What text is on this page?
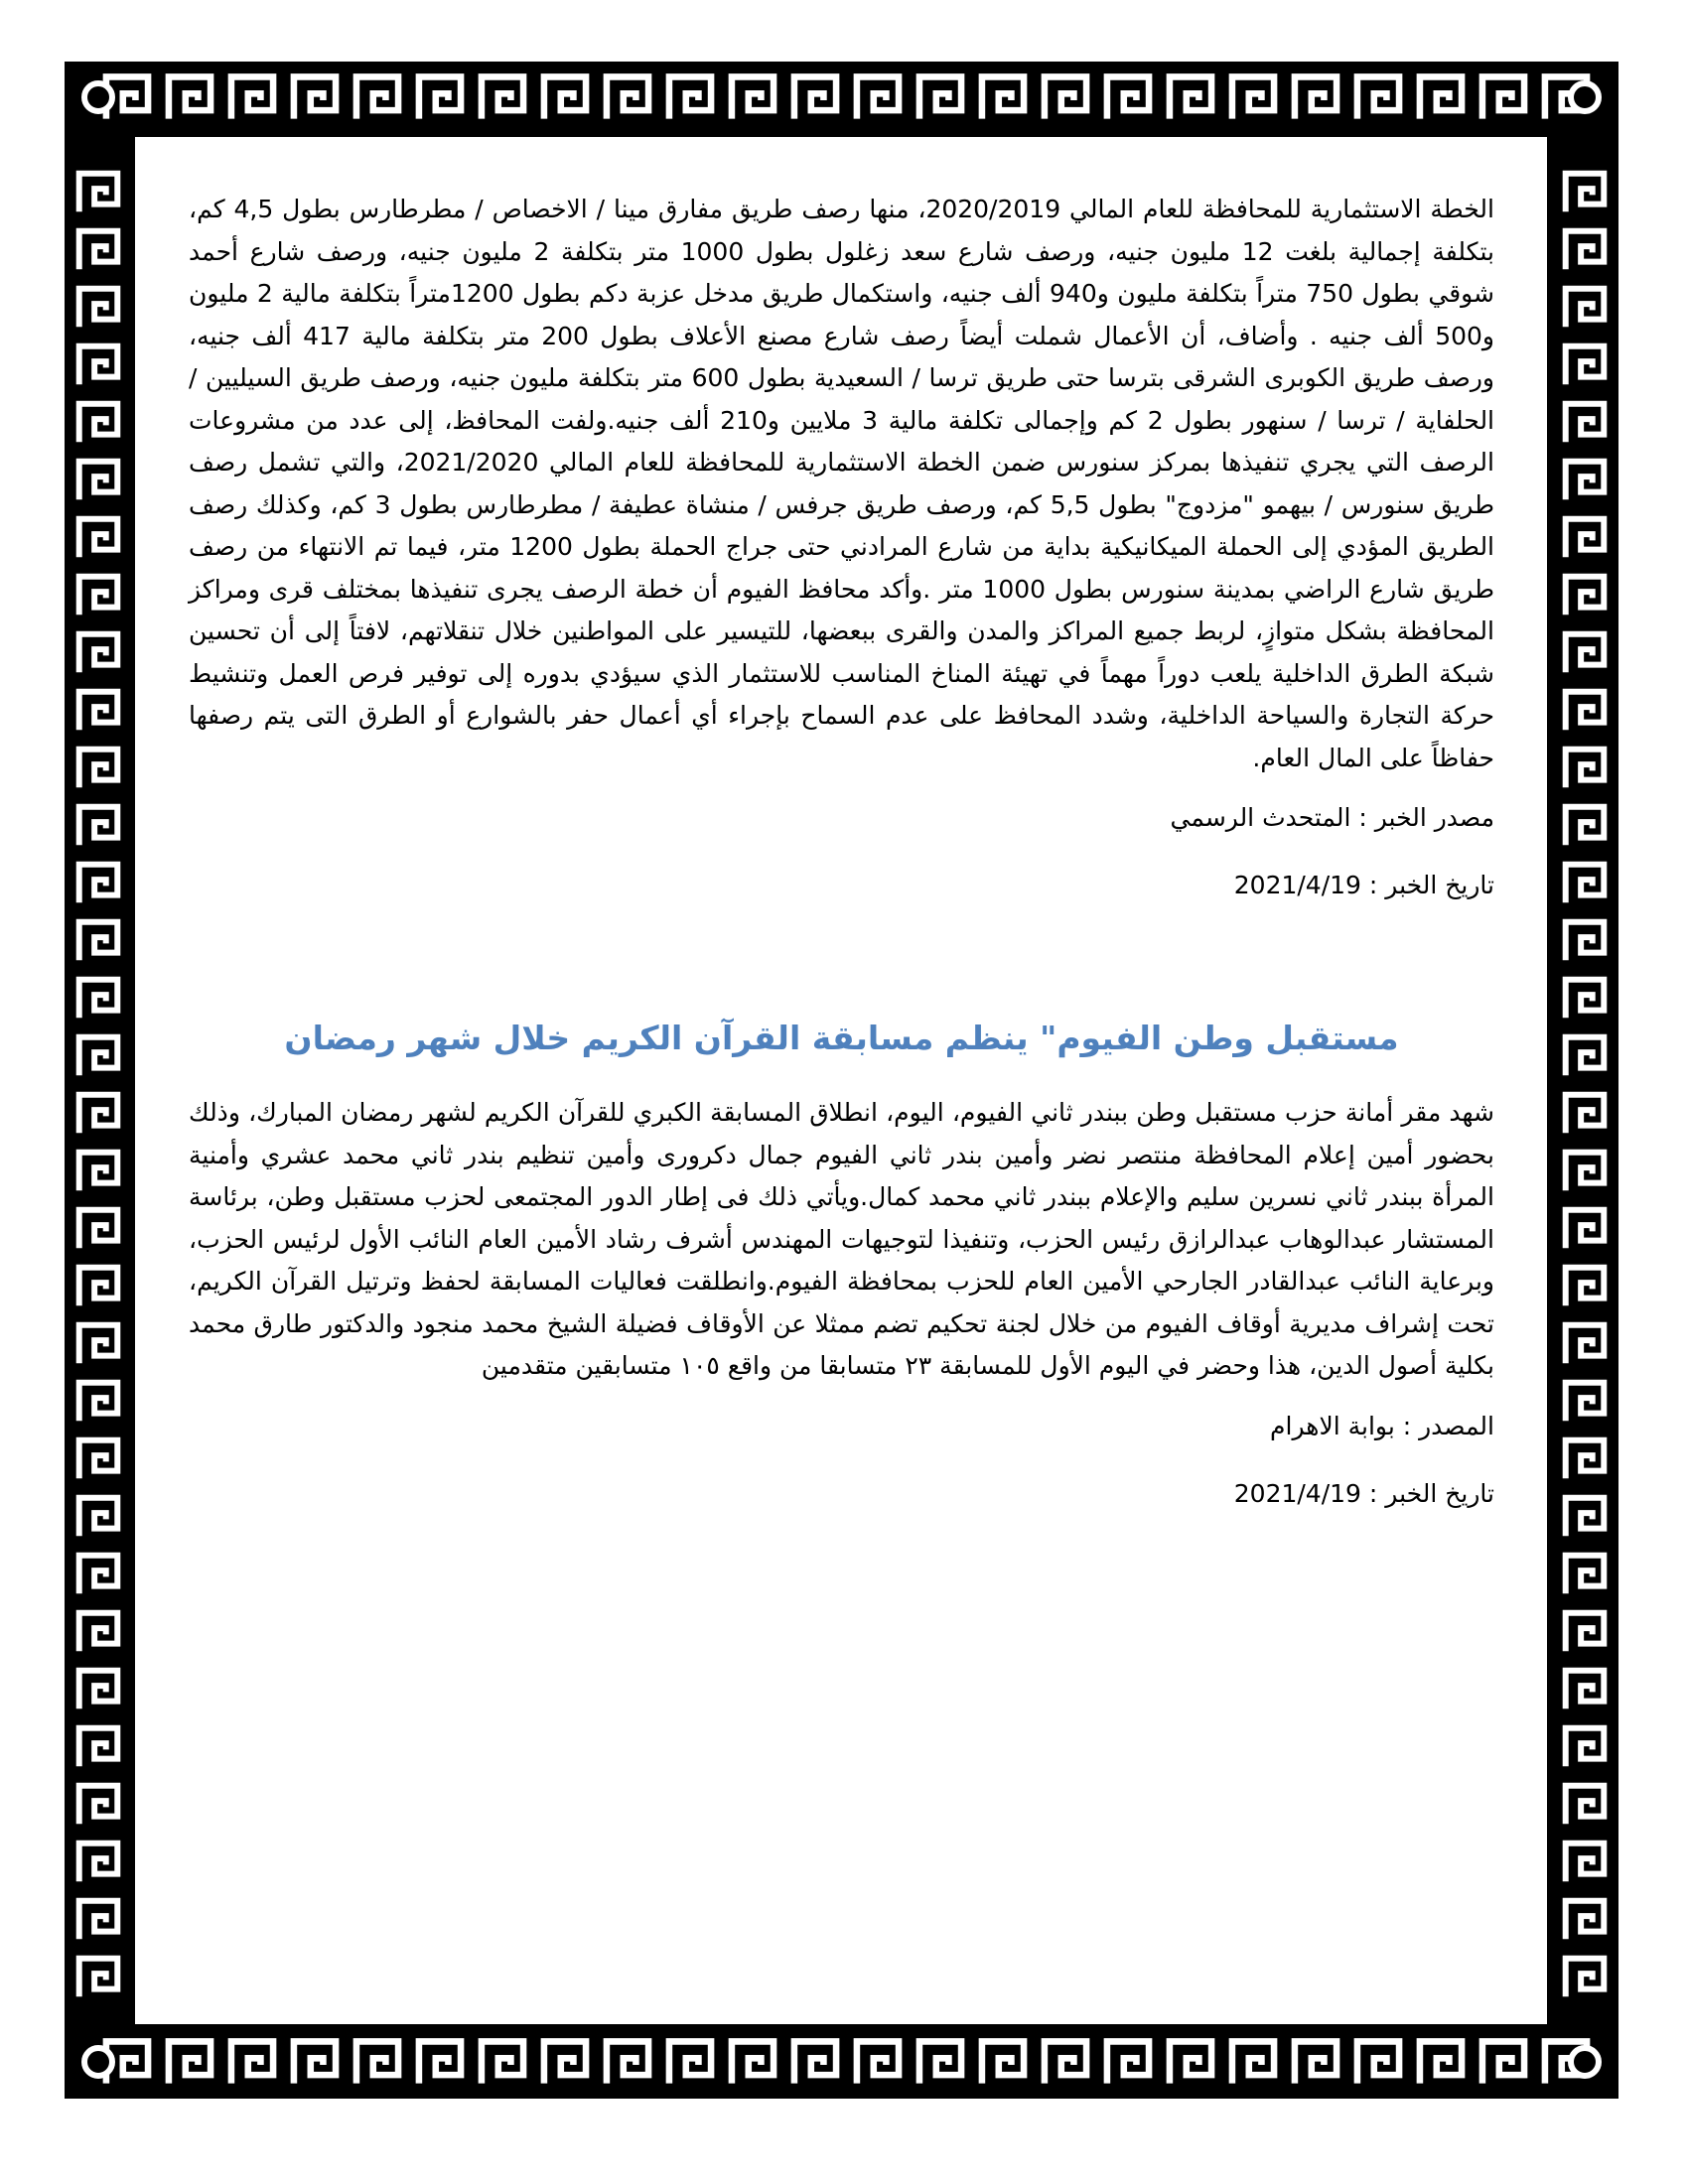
الخطة الاستثمارية للمحافظة للعام المالي 2020/2019، منها رصف طريق مفارق مينا / الاخصاص / مطرطارس بطول 4,5 كم، بتكلفة إجمالية بلغت 12 مليون جنيه، ورصف شارع سعد زغلول بطول 1000 متر بتكلفة 2 مليون جنيه، ورصف شارع أحمد شوقي بطول 750 متراً بتكلفة مليون و940 ألف جنيه، واستكمال طريق مدخل عزبة دكم بطول 1200متراً بتكلفة مالية 2 مليون و500 ألف جنيه . وأضاف، أن الأعمال شملت أيضاً رصف شارع مصنع الأعلاف بطول 200 متر بتكلفة مالية 417 ألف جنيه، ورصف طريق الكوبرى الشرقى بترسا حتى طريق ترسا / السعيدية بطول 600 متر بتكلفة مليون جنيه، ورصف طريق السيليين / الحلفاية / ترسا / سنهور بطول 2 كم وإجمالى تكلفة مالية 3 ملايين و210 ألف جنيه.ولفت المحافظ، إلى عدد من مشروعات الرصف التي يجري تنفيذها بمركز سنورس ضمن الخطة الاستثمارية للمحافظة للعام المالي 2021/2020، والتي تشمل رصف طريق سنورس / بيهمو "مزدوج" بطول 5,5 كم، ورصف طريق جرفس / منشاة عطيفة / مطرطارس بطول 3 كم، وكذلك رصف الطريق المؤدي إلى الحملة الميكانيكية بداية من شارع المرادني حتى جراج الحملة بطول 1200 متر، فيما تم الانتهاء من رصف طريق شارع الراضي بمدينة سنورس بطول 1000 متر .وأكد محافظ الفيوم أن خطة الرصف يجرى تنفيذها بمختلف قرى ومراكز المحافظة بشكل متوازٍ، لربط جميع المراكز والمدن والقرى ببعضها، للتيسير على المواطنين خلال تنقلاتهم، لافتاً إلى أن تحسين شبكة الطرق الداخلية يلعب دوراً مهماً في تهيئة المناخ المناسب للاستثمار الذي سيؤدي بدوره إلى توفير فرص العمل وتنشيط حركة التجارة والسياحة الداخلية، وشدد المحافظ على عدم السماح بإجراء أي أعمال حفر بالشوارع أو الطرق التى يتم رصفها حفاظاً على المال العام.

مصدر الخبر : المتحدث الرسمي

تاريخ الخبر : 2021/4/19

مستقبل وطن الفيوم" ينظم مسابقة القرآن الكريم خلال شهر رمضان

شهد مقر أمانة حزب مستقبل وطن ببندر ثاني الفيوم، اليوم، انطلاق المسابقة الكبري للقرآن الكريم لشهر رمضان المبارك، وذلك بحضور أمين إعلام المحافظة منتصر نضر وأمين بندر ثاني الفيوم جمال دكرورى وأمين تنظيم بندر ثاني محمد عشري وأمنية المرأة ببندر ثاني نسرين سليم والإعلام ببندر ثاني محمد كمال.ويأتي ذلك فى إطار الدور المجتمعى لحزب مستقبل وطن، برئاسة المستشار عبدالوهاب عبدالرازق رئيس الحزب، وتنفيذا لتوجيهات المهندس أشرف رشاد الأمين العام النائب الأول لرئيس الحزب، وبرعاية النائب عبدالقادر الجارحي الأمين العام للحزب بمحافظة الفيوم.وانطلقت فعاليات المسابقة لحفظ وترتيل القرآن الكريم، تحت إشراف مديرية أوقاف الفيوم من خلال لجنة تحكيم تضم ممثلا عن الأوقاف فضيلة الشيخ محمد منجود والدكتور طارق محمد بكلية أصول الدين، هذا وحضر في اليوم الأول للمسابقة ٢٣ متسابقا من واقع ١٠٥ متسابقين متقدمين

المصدر : بوابة الاهرام

تاريخ الخبر : 2021/4/19
